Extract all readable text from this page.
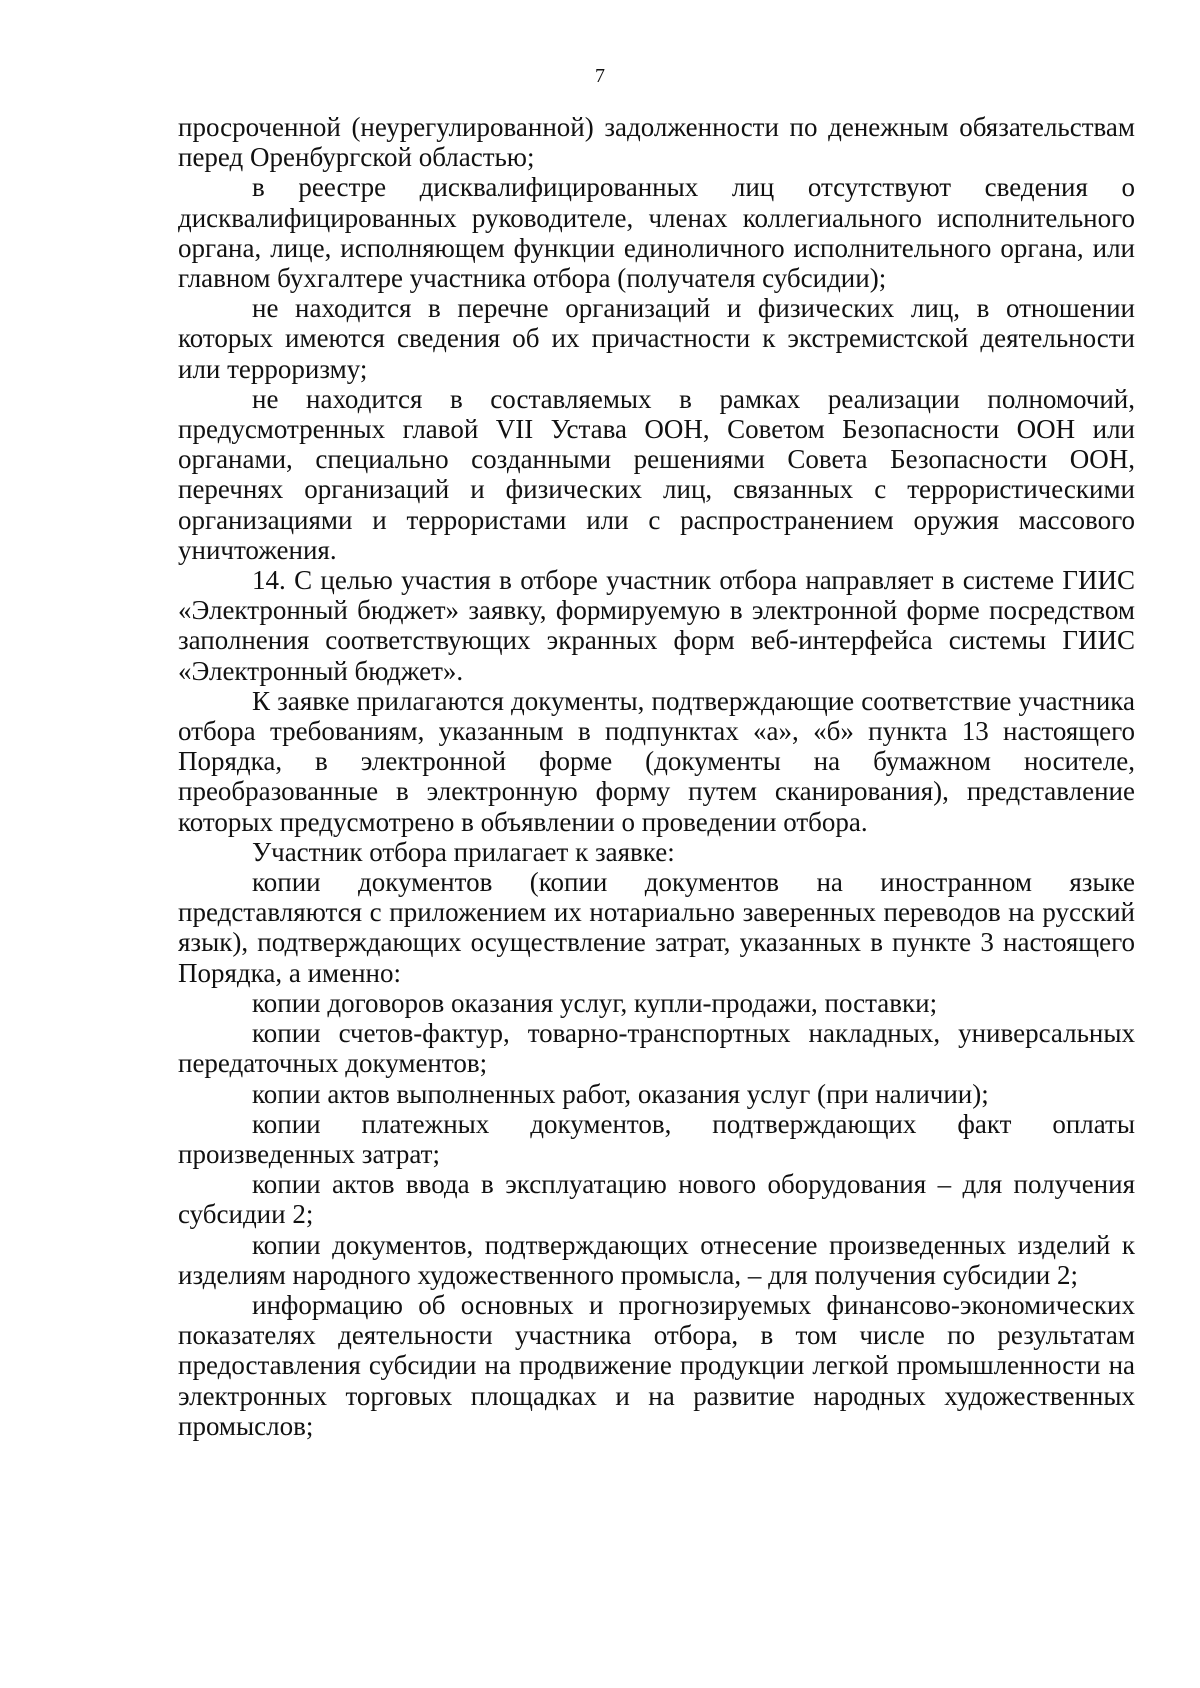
7

просроченной (неурегулированной) задолженности по денежным обязательствам перед Оренбургской областью;

в реестре дисквалифицированных лиц отсутствуют сведения о дисквалифицированных руководителе, членах коллегиального исполнительного органа, лице, исполняющем функции единоличного исполнительного органа, или главном бухгалтере участника отбора (получателя субсидии);

не находится в перечне организаций и физических лиц, в отношении которых имеются сведения об их причастности к экстремистской деятельности или терроризму;

не находится в составляемых в рамках реализации полномочий, предусмотренных главой VII Устава ООН, Советом Безопасности ООН или органами, специально созданными решениями Совета Безопасности ООН, перечнях организаций и физических лиц, связанных с террористическими организациями и террористами или с распространением оружия массового уничтожения.

14. С целью участия в отборе участник отбора направляет в системе ГИИС «Электронный бюджет» заявку, формируемую в электронной форме посредством заполнения соответствующих экранных форм веб-интерфейса системы ГИИС «Электронный бюджет».

К заявке прилагаются документы, подтверждающие соответствие участника отбора требованиям, указанным в подпунктах «а», «б» пункта 13 настоящего Порядка, в электронной форме (документы на бумажном носителе, преобразованные в электронную форму путем сканирования), представление которых предусмотрено в объявлении о проведении отбора.

Участник отбора прилагает к заявке:

копии документов (копии документов на иностранном языке представляются с приложением их нотариально заверенных переводов на русский язык), подтверждающих осуществление затрат, указанных в пункте 3 настоящего Порядка, а именно:

копии договоров оказания услуг, купли-продажи, поставки;

копии счетов-фактур, товарно-транспортных накладных, универсальных передаточных документов;

копии актов выполненных работ, оказания услуг (при наличии);

копии платежных документов, подтверждающих факт оплаты произведенных затрат;

копии актов ввода в эксплуатацию нового оборудования – для получения субсидии 2;

копии документов, подтверждающих отнесение произведенных изделий к изделиям народного художественного промысла, – для получения субсидии 2;

информацию об основных и прогнозируемых финансово-экономических показателях деятельности участника отбора, в том числе по результатам предоставления субсидии на продвижение продукции легкой промышленности на электронных торговых площадках и на развитие народных художественных промыслов;
